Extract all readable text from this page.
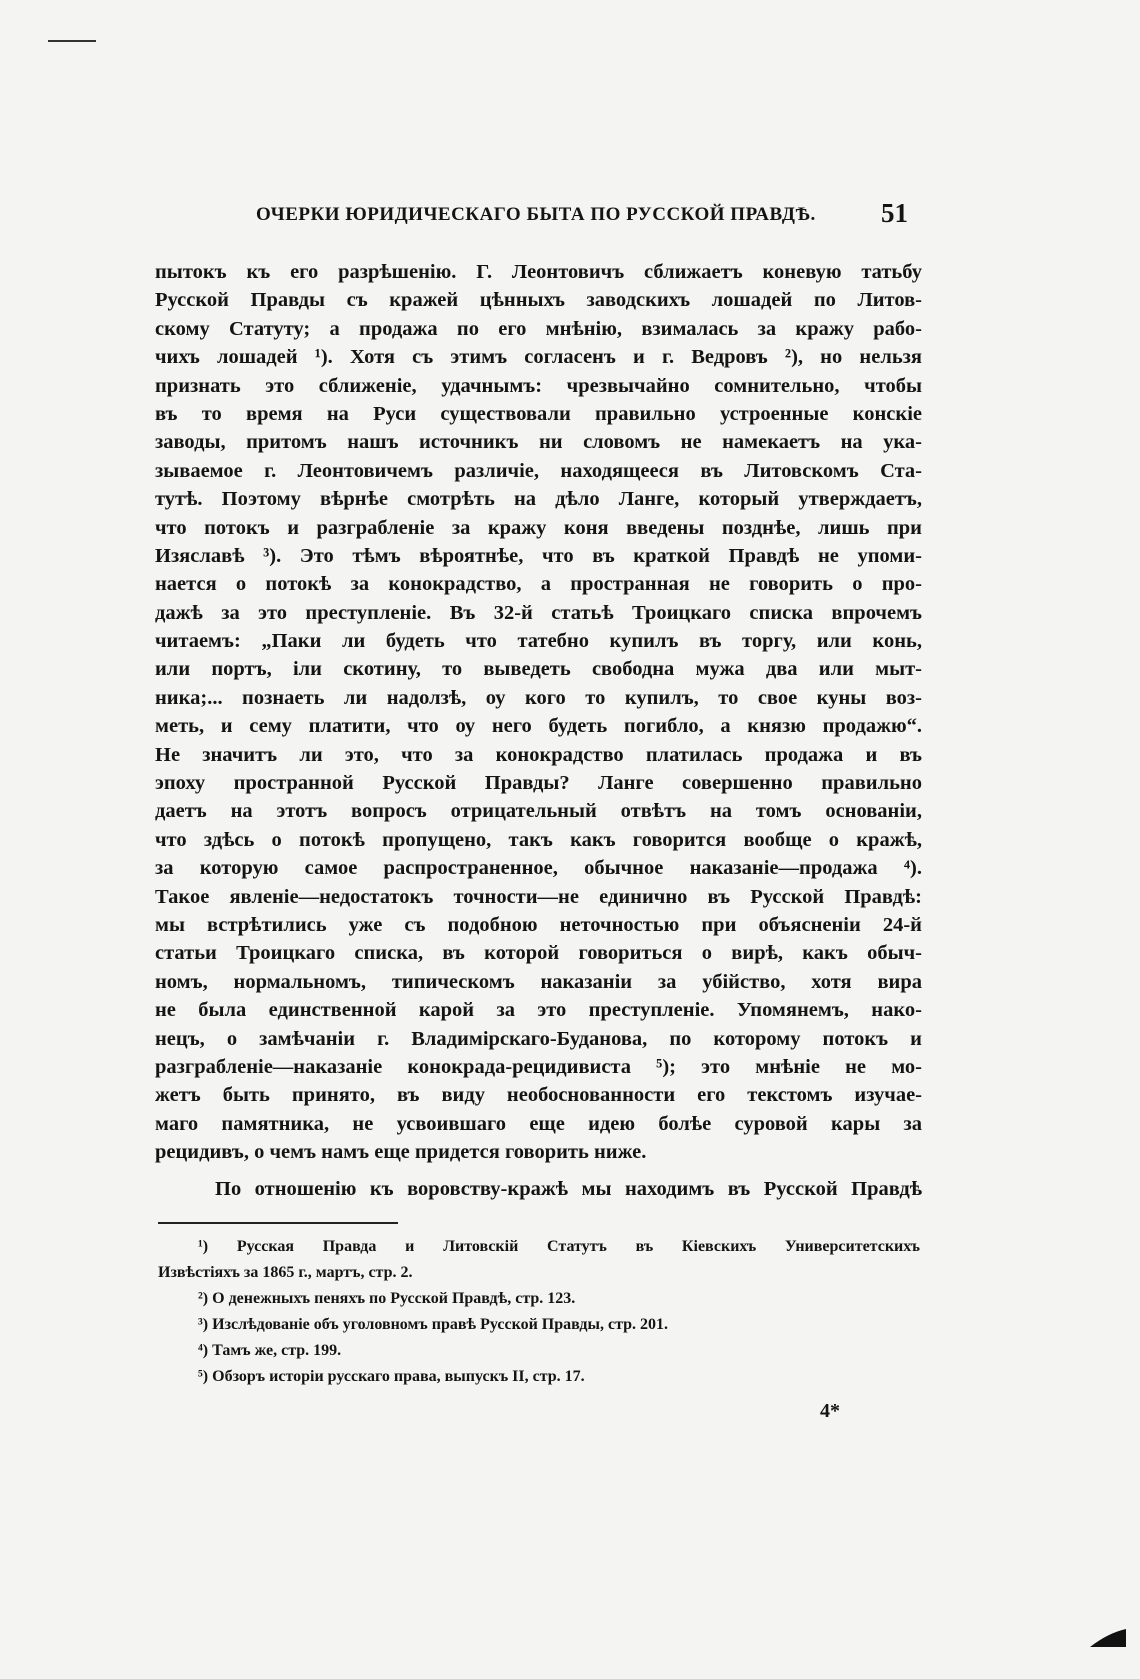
ОЧЕРКИ ЮРИДИЧЕСКАГО БЫТА ПО РУССКОЙ ПРАВДѢ. 51
пытокъ къ его разрѣшенію. Г. Леонтовичъ сближаетъ коневую татьбу
Русской Правды съ кражей цѣнныхъ заводскихъ лошадей по Литов-
скому Статуту; а продажа по его мнѣнію, взималась за кражу рабо-
чихъ лошадей ¹). Хотя съ этимъ согласенъ и г. Ведровъ ²), но нельзя
признать это сближеніе, удачнымъ: чрезвычайно сомнительно, чтобы
въ то время на Руси существовали правильно устроенные конскіе
заводы, притомъ нашъ источникъ ни словомъ не намекаетъ на ука-
зываемое г. Леонтовичемъ различіе, находящееся въ Литовскомъ Ста-
тутѣ. Поэтому вѣрнѣе смотрѣть на дѣло Ланге, который утверждаетъ,
что потокъ и разграбленіе за кражу коня введены позднѣе, лишь при
Изяславѣ ³). Это тѣмъ вѣроятнѣе, что въ краткой Правдѣ не упоми-
нается о потокѣ за конокрадство, а пространная не говорить о про-
дажѣ за это преступленіе. Въ 32-й статьѣ Троицкаго списка впрочемъ
читаемъ: „Паки ли будеть что татебно купилъ въ торгу, или конь,
или портъ, іли скотину, то выведеть свободна мужа два или мыт-
ника;... познаеть ли надолзѣ, оу кого то купилъ, то свое куны воз-
меть, и сему платити, что оу него будеть погибло, а князю продажю“.
Не значитъ ли это, что за конокрадство платилась продажа и въ
эпоху пространной Русской Правды? Ланге совершенно правильно
даетъ на этотъ вопросъ отрицательный отвѣтъ на томъ основаніи,
что здѣсь о потокѣ пропущено, такъ какъ говорится вообще о кражѣ,
за которую самое распространенное, обычное наказаніе—продажа ⁴).
Такое явленіе—недостатокъ точности—не единично въ Русской Правдѣ:
мы встрѣтились уже съ подобною неточностью при объясненіи 24-й
статьи Троицкаго списка, въ которой говориться о вирѣ, какъ обыч-
номъ, нормальномъ, типическомъ наказаніи за убійство, хотя вира
не была единственной карой за это преступленіе. Упомянемъ, нако-
нецъ, о замѣчаніи г. Владимірскаго-Буданова, по которому потокъ и
разграбленіе—наказаніе конокрада-рецидивиста ⁵); это мнѣніе не мо-
жетъ быть принято, въ виду необоснованности его текстомъ изучае-
маго памятника, не усвоившаго еще идею болѣе суровой кары за
рецидивъ, о чемъ намъ еще придется говорить ниже.
По отношенію къ воровству-кражѣ мы находимъ въ Русской Правдѣ
¹) Русская Правда и Литовскій Статутъ въ Кіевскихъ Университетскихъ
Извѣстіяхъ за 1865 г., мартъ, стр. 2.
²) О денежныхъ пеняхъ по Русской Правдѣ, стр. 123.
³) Изслѣдованіе объ уголовномъ правѣ Русской Правды, стр. 201.
⁴) Тамъ же, стр. 199.
⁵) Обзоръ исторіи русскаго права, выпускъ II, стр. 17.
4*
